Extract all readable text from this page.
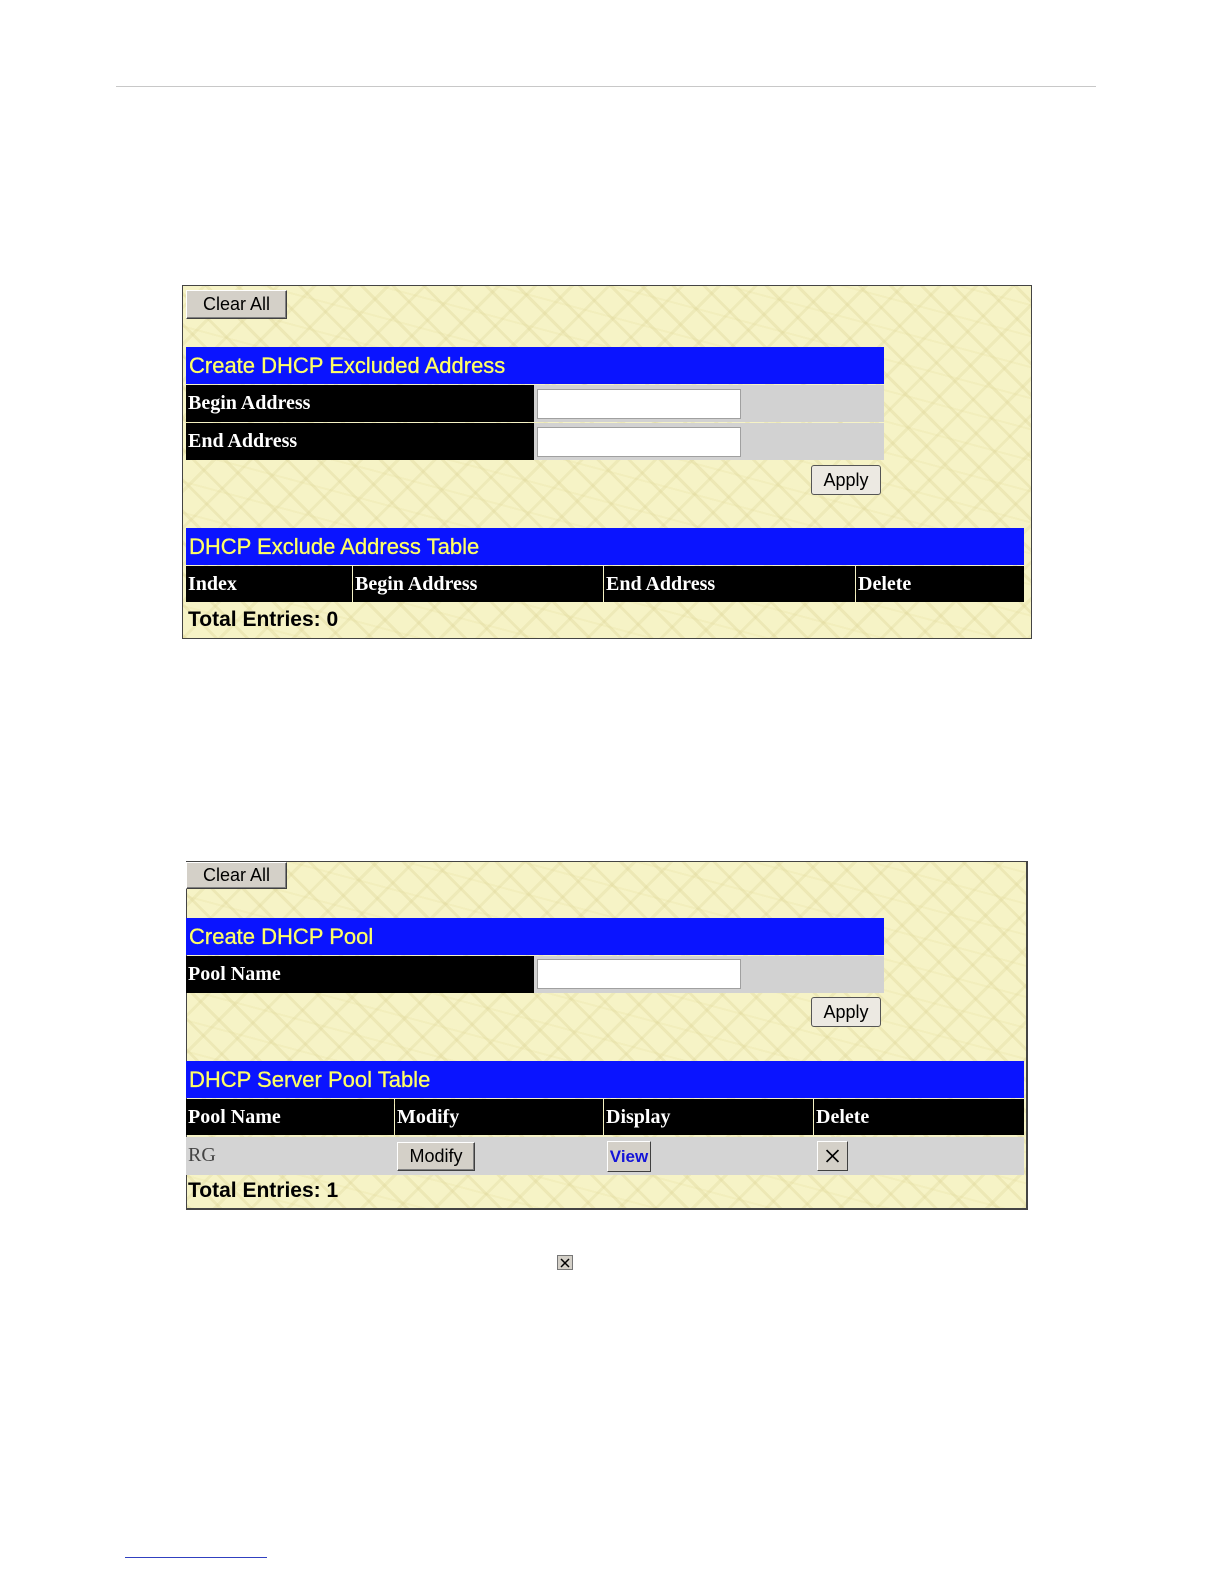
Clear All
Create DHCP Excluded Address
Begin Address
End Address
Apply
DHCP Exclude Address Table
Index	Begin Address	End Address	Delete
Total Entries: 0
Clear All
Create DHCP Pool
Pool Name
Apply
DHCP Server Pool Table
Pool Name	Modify	Display	Delete
RG	Modify	View
Total Entries: 1
